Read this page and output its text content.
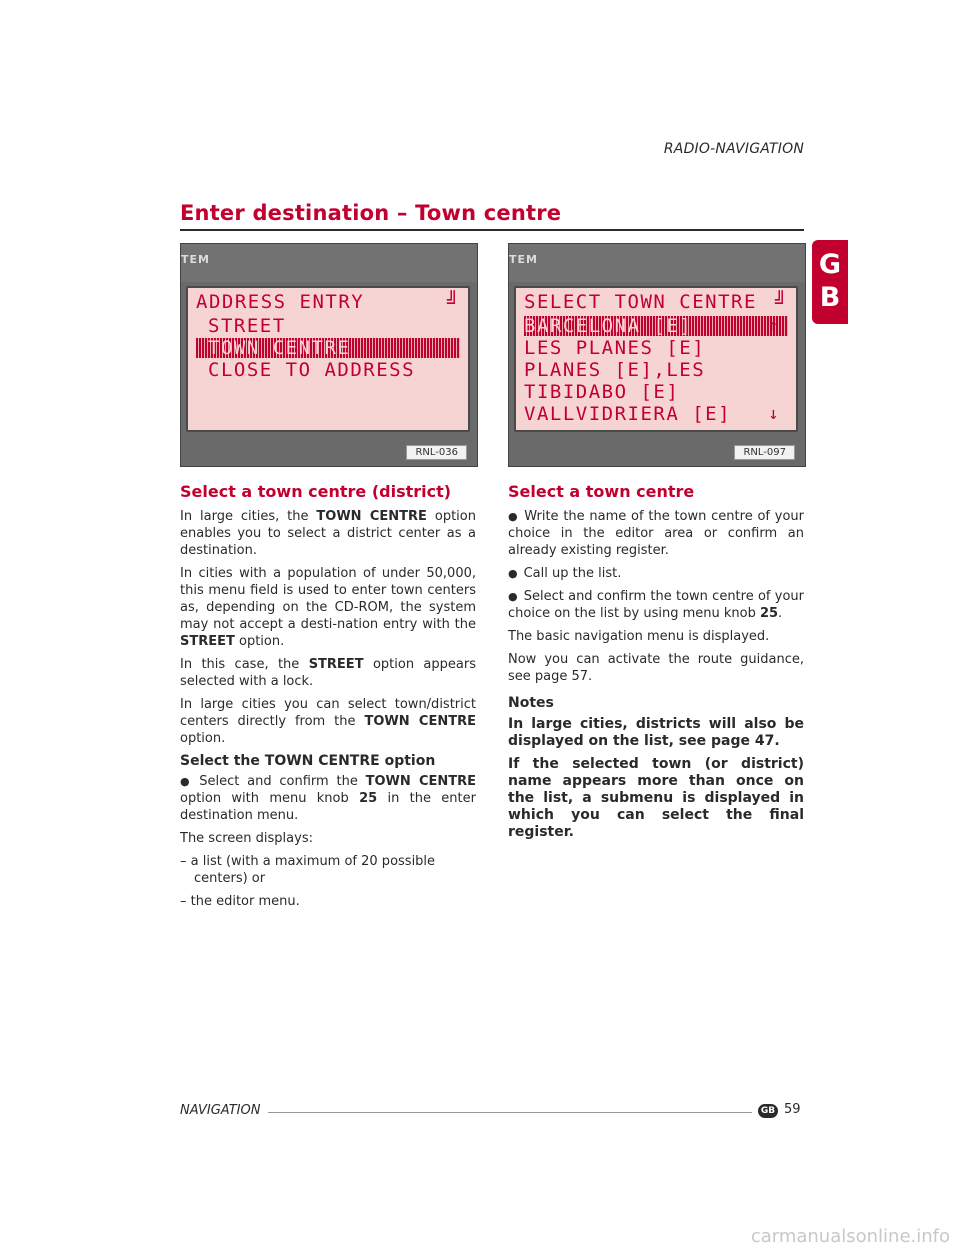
RADIO-NAVIGATION
G
B
Enter destination – Town centre
TEM
ADDRESS ENTRY	╝
STREET
TOWN CENTRE
CLOSE TO ADDRESS
RNL-036
TEM
SELECT TOWN CENTRE ╝
BARCELONA [E]	↑
LES PLANES [E]
PLANES [E],LES
TIBIDABO [E]
VALLVIDRIERA [E] ↓
RNL-097
Select a town centre (district)

In large cities, the TOWN CENTRE option enables you to select a district center as a destination.

In cities with a population of under 50,000, this menu field is used to enter town centers as, depending on the CD-ROM, the system may not accept a desti-nation entry with the STREET option.

In this case, the STREET option appears selected with a lock.

In large cities you can select town/district centers directly from the TOWN CENTRE option.

Select the TOWN CENTRE option

● Select and confirm the TOWN CENTRE option with menu knob 25 in the enter destination menu.

The screen displays:

– a list (with a maximum of 20 possible centers) or

– the editor menu.

Select a town centre

● Write the name of the town centre of your choice in the editor area or confirm an already existing register.

● Call up the list.

● Select and confirm the town centre of your choice on the list by using menu knob 25.

The basic navigation menu is displayed.

Now you can activate the route guidance, see page 57.

Notes

In large cities, districts will also be displayed on the list, see page 47.

If the selected town (or district) name appears more than once on the list, a submenu is displayed in which you can select the final register.

NAVIGATION	GB 59
carmanualsonline.info
